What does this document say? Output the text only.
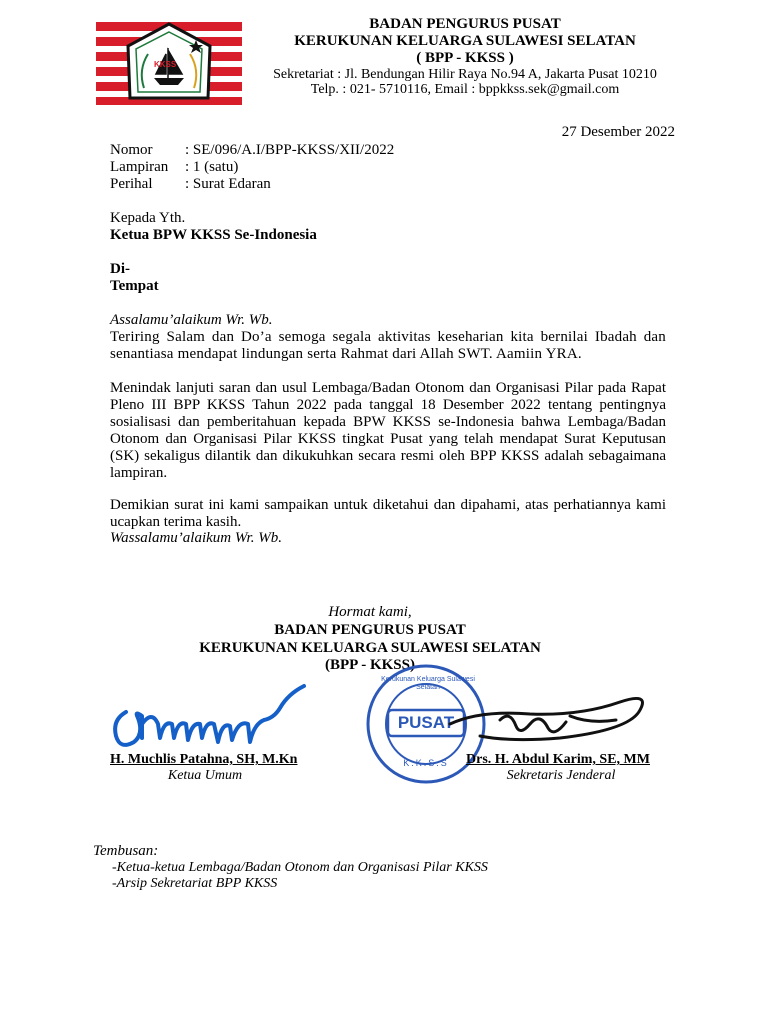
KKSS
BADAN PENGURUS PUSAT
KERUKUNAN KELUARGA SULAWESI SELATAN
( BPP - KKSS )
Sekretariat : Jl. Bendungan Hilir Raya No.94 A, Jakarta Pusat 10210
Telp. : 021- 5710116, Email : bppkkss.sek@gmail.com
27 Desember 2022
Nomor : SE/096/A.I/BPP-KKSS/XII/2022
Lampiran : 1 (satu)
Perihal : Surat Edaran
Kepada Yth.
Ketua BPW KKSS Se-Indonesia
Di-
Tempat
Assalamu’alaikum Wr. Wb.

Teriring Salam dan Do’a semoga segala aktivitas keseharian kita bernilai Ibadah dan senantiasa mendapat lindungan serta Rahmat dari Allah SWT. Aamiin YRA.

Menindak lanjuti saran dan usul Lembaga/Badan Otonom dan Organisasi Pilar pada Rapat Pleno III BPP KKSS Tahun 2022 pada tanggal 18 Desember 2022 tentang pentingnya sosialisasi dan pemberitahuan kepada BPW KKSS se-Indonesia bahwa Lembaga/Badan Otonom dan Organisasi Pilar KKSS tingkat Pusat yang telah mendapat Surat Keputusan (SK) sekaligus dilantik dan dikukuhkan secara resmi oleh BPP KKSS adalah sebagaimana lampiran.

Demikian surat ini kami sampaikan untuk diketahui dan dipahami, atas perhatiannya kami ucapkan terima kasih.

Wassalamu’alaikum Wr. Wb.
Hormat kami,
BADAN PENGURUS PUSAT
KERUKUNAN KELUARGA SULAWESI SELATAN
(BPP - KKSS)
PUSAT
Kerukunan Keluarga Sulawesi Selatan
K.K.S.S
H. Muchlis Patahna, SH, M.Kn
Ketua Umum
Drs. H. Abdul Karim, SE, MM
Sekretaris Jenderal
Tembusan:
-Ketua-ketua Lembaga/Badan Otonom dan Organisasi Pilar KKSS
-Arsip Sekretariat BPP KKSS
